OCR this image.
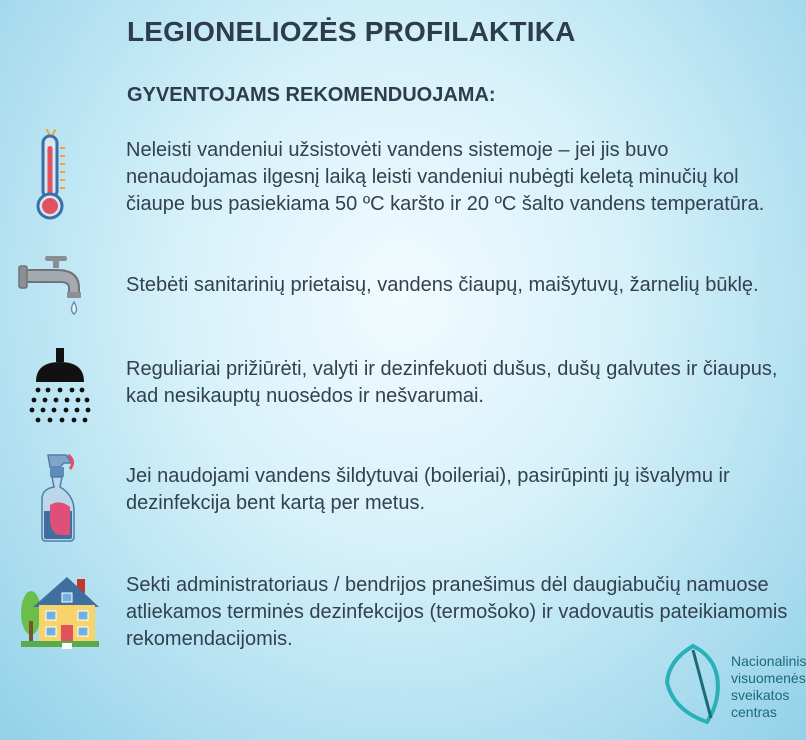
LEGIONELIOZĖS PROFILAKTIKA
GYVENTOJAMS REKOMENDUOJAMA:
Neleisti vandeniui užsistovėti vandens sistemoje – jei jis buvo
nenaudojamas ilgesnį laiką leisti vandeniui nubėgti keletą minučių kol
čiaupe bus pasiekiama 50 ºC karšto ir 20 ºC šalto vandens temperatūra.
Stebėti sanitarinių prietaisų, vandens čiaupų, maišytuvų, žarnelių būklę.
Reguliariai prižiūrėti, valyti ir dezinfekuoti dušus, dušų galvutes ir čiaupus,
kad nesikauptų nuosėdos ir nešvarumai.
Jei naudojami vandens šildytuvai (boileriai), pasirūpinti jų išvalymu ir
dezinfekcija bent kartą per metus.
Sekti administratoriaus / bendrijos pranešimus dėl daugiabučių namuose
atliekamos terminės dezinfekcijos (termošoko) ir vadovautis pateikiamomis
rekomendacijomis.
Nacionalinis
visuomenės
sveikatos
centras
